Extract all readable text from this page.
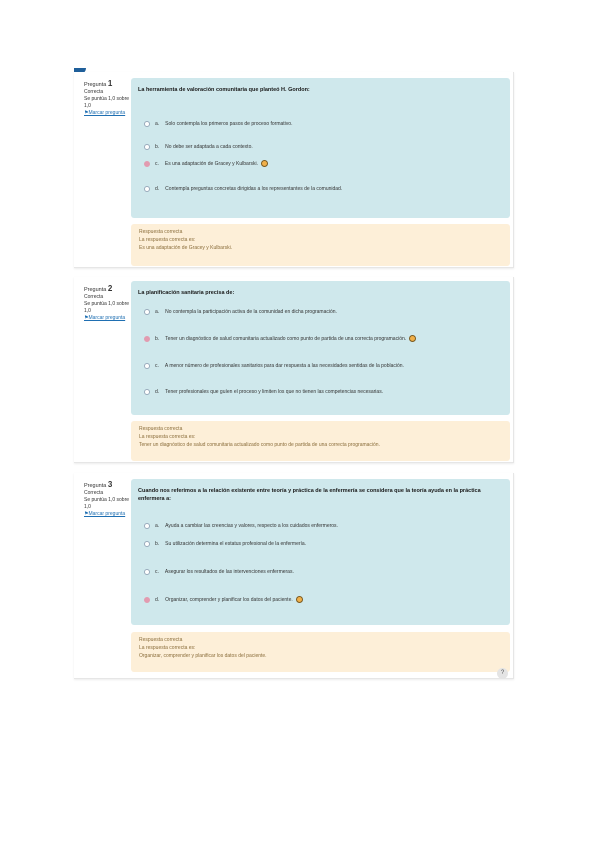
Pregunta 1
Correcta
Se puntúa 1,0 sobre 1,0
⚑Marcar pregunta
La herramienta de valoración comunitaria que planteó H. Gordon:
a. Solo contempla los primeros pasos de proceso formativo.
b. No debe ser adaptada a cada contexto.
c. Es una adaptación de Gracey y Kulbarski.
d. Contempla preguntas concretas dirigidas a los representantes de la comunidad.
Respuesta correcta
La respuesta correcta es:
Es una adaptación de Gracey y Kulbarski.
Pregunta 2
Correcta
Se puntúa 1,0 sobre 1,0
⚑Marcar pregunta
La planificación sanitaria precisa de:
a. No contempla la participación activa de la comunidad en dicha programación.
b. Tener un diagnóstico de salud comunitaria actualizado como punto de partida de una correcta programación.
c. A menor número de profesionales sanitarios para dar respuesta a las necesidades sentidas de la población.
d. Tener profesionales que guíen el proceso y limiten los que no tienen las competencias necesarias.
Respuesta correcta
La respuesta correcta es:
Tener un diagnóstico de salud comunitaria actualizado como punto de partida de una correcta programación.
Pregunta 3
Correcta
Se puntúa 1,0 sobre 1,0
⚑Marcar pregunta
Cuando nos referimos a la relación existente entre teoría y práctica de la enfermería se considera que la teoría ayuda en la práctica enfermera a:
a. Ayuda a cambiar las creencias y valores, respecto a los cuidados enfermeros.
b. Su utilización determina el estatus profesional de la enfermería.
c. Asegurar los resultados de las intervenciones enfermeras.
d. Organizar, comprender y planificar los datos del paciente.
Respuesta correcta
La respuesta correcta es:
Organizar, comprender y planificar los datos del paciente.
?
